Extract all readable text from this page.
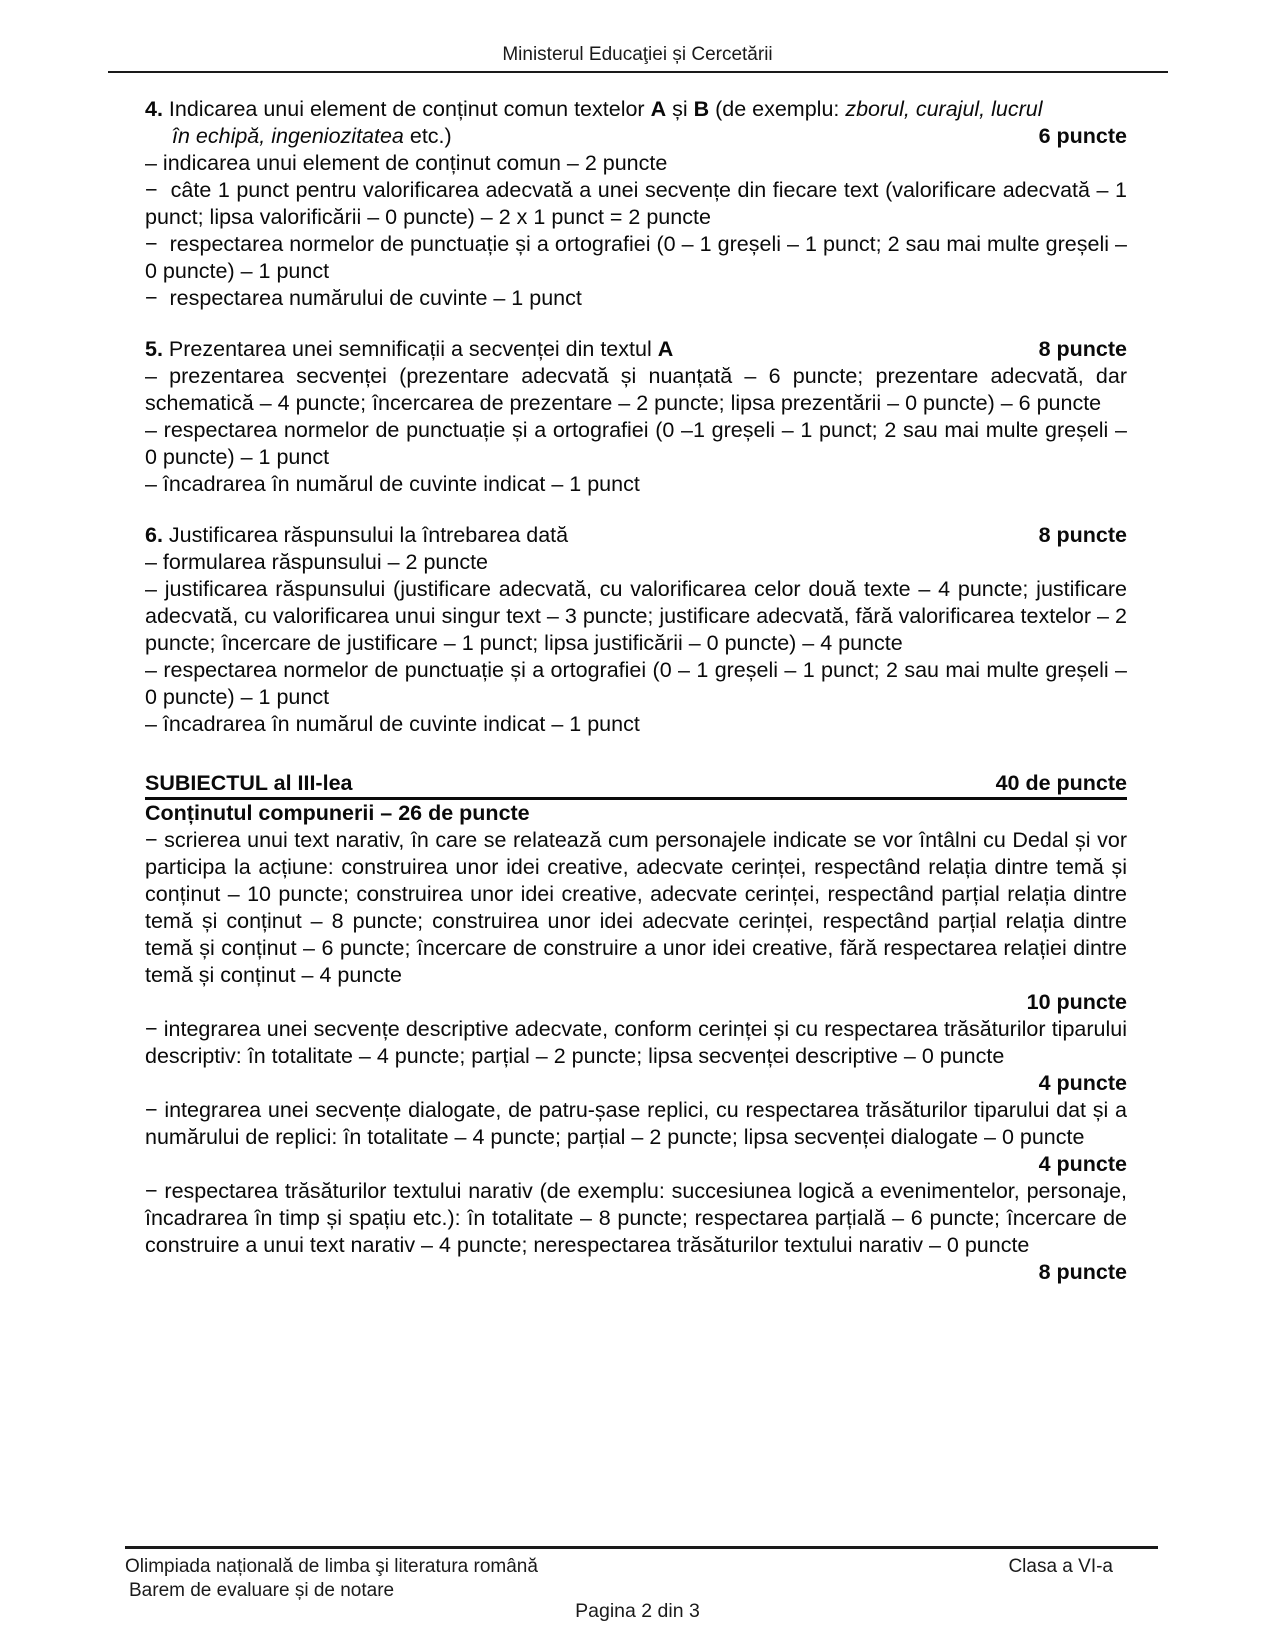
Ministerul Educaţiei și Cercetării
4. Indicarea unui element de conținut comun textelor A și B (de exemplu: zborul, curajul, lucrul
în echipă, ingeniozitatea etc.)	6 puncte

– indicarea unui element de conținut comun – 2 puncte

−  câte 1 punct pentru valorificarea adecvată a unei secvențe din fiecare text (valorificare adecvată – 1 punct; lipsa valorificării – 0 puncte) – 2 x 1 punct = 2 puncte

−  respectarea normelor de punctuație și a ortografiei (0 – 1 greșeli – 1 punct; 2 sau mai multe greșeli – 0 puncte) – 1 punct

−  respectarea numărului de cuvinte – 1 punct

5. Prezentarea unei semnificații a secvenței din textul A	8 puncte

– prezentarea secvenței (prezentare adecvată și nuanțată – 6 puncte; prezentare adecvată, dar schematică – 4 puncte; încercarea de prezentare – 2 puncte; lipsa prezentării – 0 puncte) – 6 puncte

– respectarea normelor de punctuație și a ortografiei (0 –1 greșeli – 1 punct; 2 sau mai multe greșeli – 0 puncte) – 1 punct

– încadrarea în numărul de cuvinte indicat – 1 punct

6. Justificarea răspunsului la întrebarea dată	8 puncte

– formularea răspunsului – 2 puncte

– justificarea răspunsului (justificare adecvată, cu valorificarea celor două texte – 4 puncte; justificare adecvată, cu valorificarea unui singur text – 3 puncte; justificare adecvată, fără valorificarea textelor – 2 puncte; încercare de justificare – 1 punct; lipsa justificării – 0 puncte) – 4 puncte

– respectarea normelor de punctuație și a ortografiei (0 – 1 greșeli – 1 punct; 2 sau mai multe greșeli – 0 puncte) – 1 punct

– încadrarea în numărul de cuvinte indicat – 1 punct

SUBIECTUL al III-lea	40 de puncte
Conținutul compunerii – 26 de puncte

− scrierea unui text narativ, în care se relatează cum personajele indicate se vor întâlni cu Dedal și vor participa la acțiune: construirea unor idei creative, adecvate cerinței, respectând relația dintre temă și conținut – 10 puncte; construirea unor idei creative, adecvate cerinței, respectând parțial relația dintre temă și conținut – 8 puncte; construirea unor idei adecvate cerinței, respectând parțial relația dintre temă și conținut – 6 puncte; încercare de construire a unor idei creative, fără respectarea relației dintre temă și conținut – 4 puncte

10 puncte

− integrarea unei secvențe descriptive adecvate, conform cerinței și cu respectarea trăsăturilor tiparului descriptiv: în totalitate – 4 puncte; parțial – 2 puncte; lipsa secvenței descriptive – 0 puncte

4 puncte

− integrarea unei secvențe dialogate, de patru-șase replici, cu respectarea trăsăturilor tiparului dat și a numărului de replici: în totalitate – 4 puncte; parțial – 2 puncte; lipsa secvenței dialogate – 0 puncte

4 puncte

− respectarea trăsăturilor textului narativ (de exemplu: succesiunea logică a evenimentelor, personaje, încadrarea în timp și spațiu etc.): în totalitate – 8 puncte; respectarea parțială – 6 puncte; încercare de construire a unui text narativ – 4 puncte; nerespectarea trăsăturilor textului narativ – 0 puncte

8 puncte

Olimpiada națională de limba şi literatura română	Clasa a VI-a
Barem de evaluare și de notare
Pagina 2 din 3
